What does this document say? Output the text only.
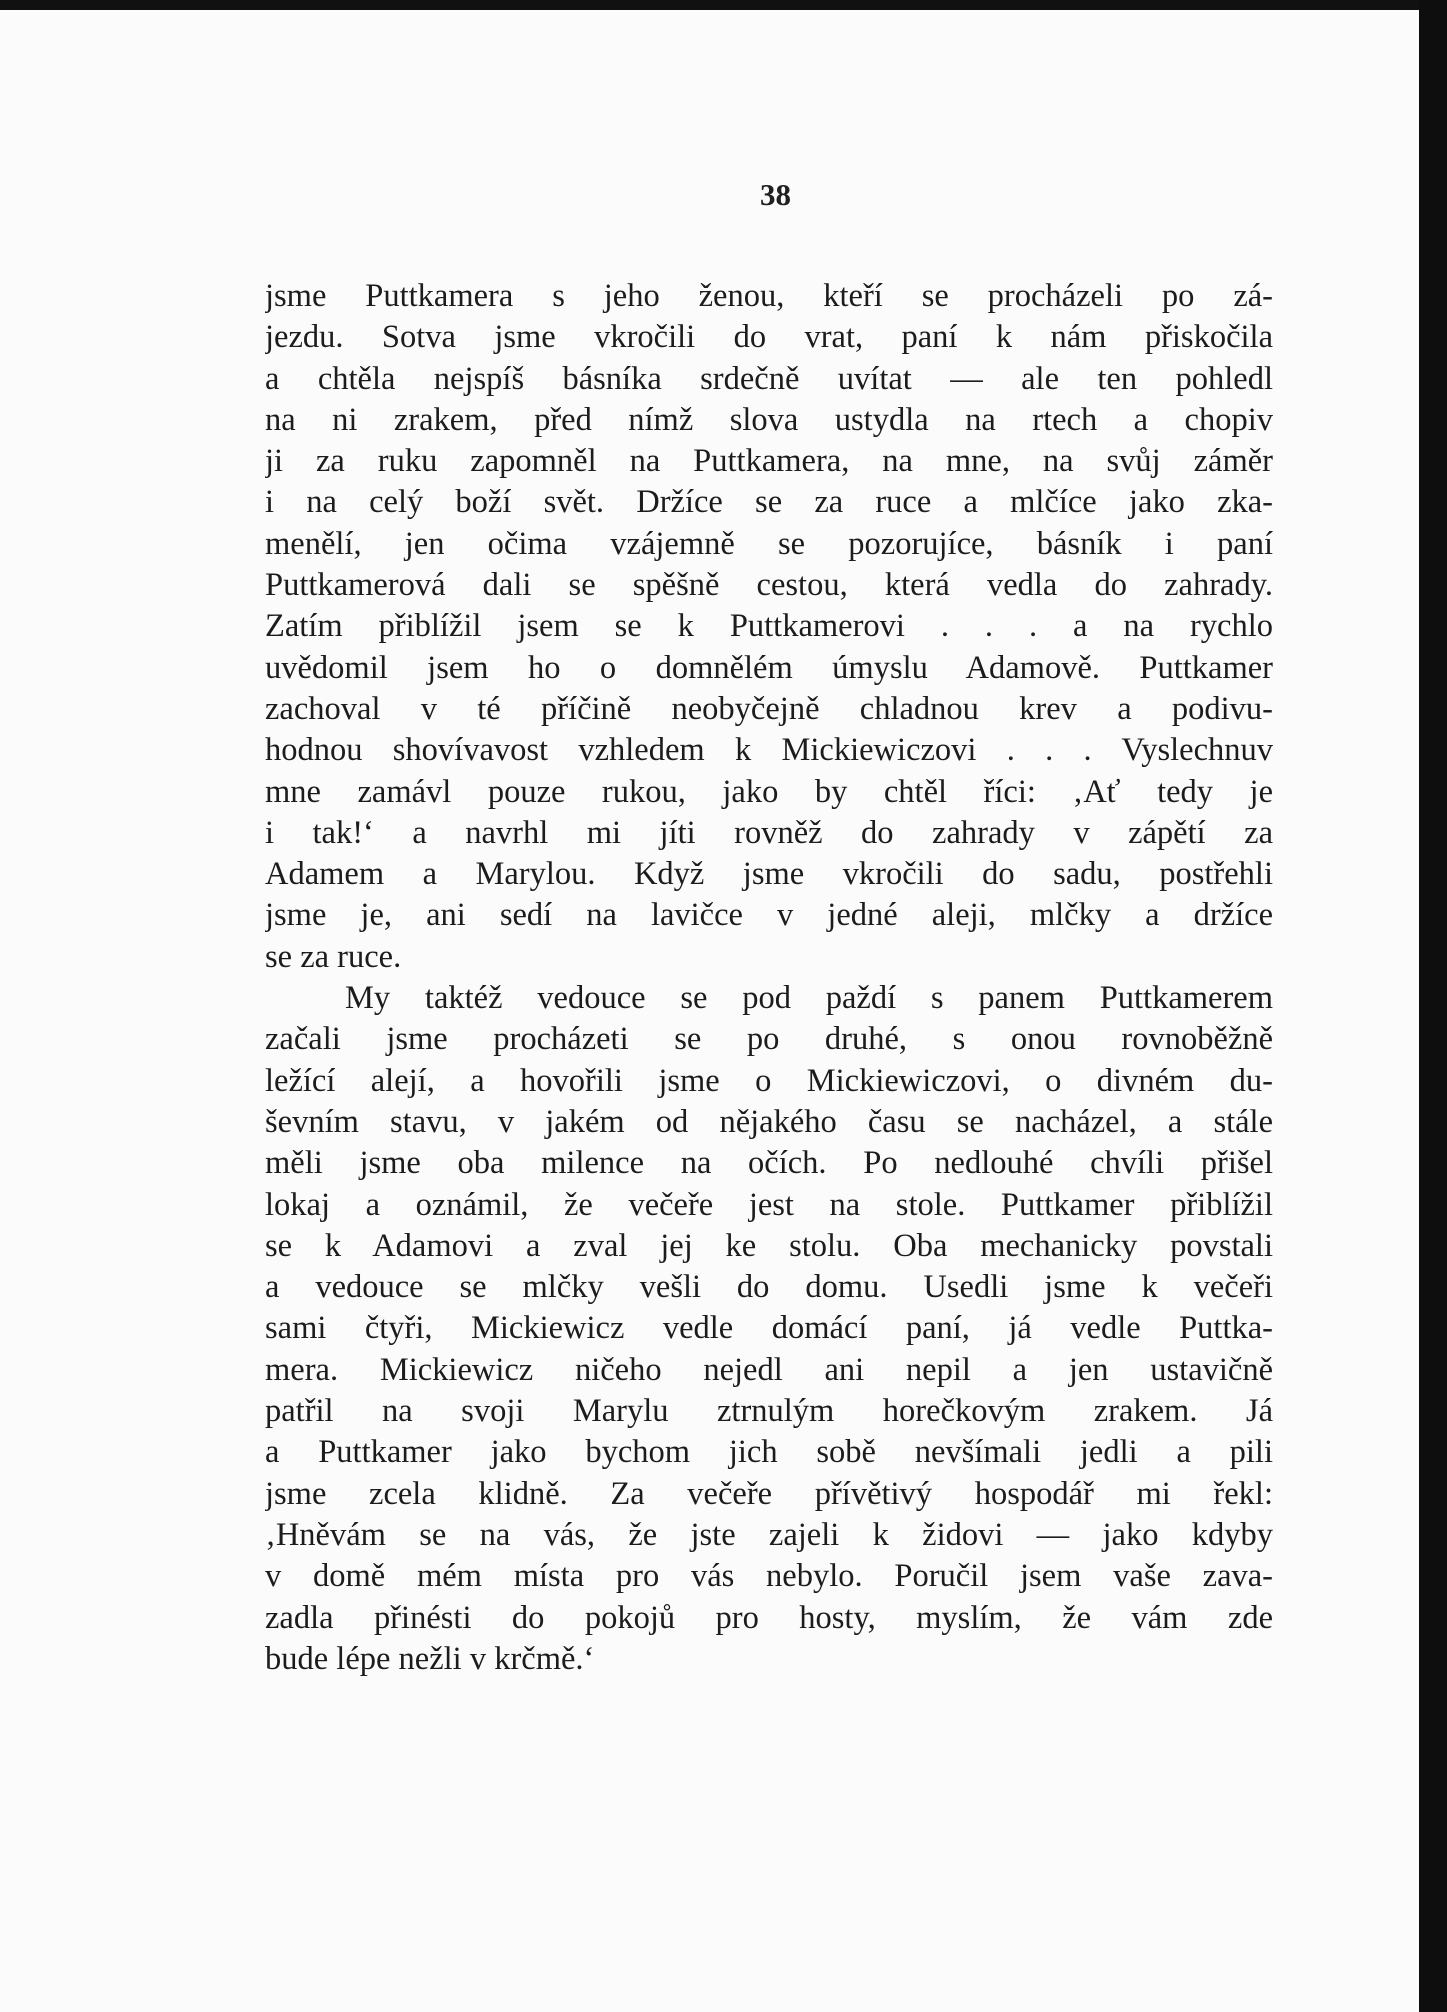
38
jsme Puttkamera s jeho ženou, kteří se procházeli po zá-
jezdu. Sotva jsme vkročili do vrat, paní k nám přiskočila
a chtěla nejspíš básníka srdečně uvítat — ale ten pohledl
na ni zrakem, před nímž slova ustydla na rtech a chopiv
ji za ruku zapomněl na Puttkamera, na mne, na svůj záměr
i na celý boží svět. Držíce se za ruce a mlčíce jako zka-
menělí, jen očima vzájemně se pozorujíce, básník i paní
Puttkamerová dali se spěšně cestou, která vedla do zahrady.
Zatím přiblížil jsem se k Puttkamerovi . . . a na rychlo
uvědomil jsem ho o domnělém úmyslu Adamově. Puttkamer
zachoval v té příčině neobyčejně chladnou krev a podivu-
hodnou shovívavost vzhledem k Mickiewiczovi . . . Vyslechnuv
mne zamávl pouze rukou, jako by chtěl říci: ‚Ať tedy je
i tak!‘ a navrhl mi jíti rovněž do zahrady v zápětí za
Adamem a Marylou. Když jsme vkročili do sadu, postřehli
jsme je, ani sedí na lavičce v jedné aleji, mlčky a držíce
se za ruce.
My taktéž vedouce se pod paždí s panem Puttkamerem
začali jsme procházeti se po druhé, s onou rovnoběžně
ležící alejí, a hovořili jsme o Mickiewiczovi, o divném du-
ševním stavu, v jakém od nějakého času se nacházel, a stále
měli jsme oba milence na očích. Po nedlouhé chvíli přišel
lokaj a oznámil, že večeře jest na stole. Puttkamer přiblížil
se k Adamovi a zval jej ke stolu. Oba mechanicky povstali
a vedouce se mlčky vešli do domu. Usedli jsme k večeři
sami čtyři, Mickiewicz vedle domácí paní, já vedle Puttka-
mera. Mickiewicz ničeho nejedl ani nepil a jen ustavičně
patřil na svoji Marylu ztrnulým horečkovým zrakem. Já
a Puttkamer jako bychom jich sobě nevšímali jedli a pili
jsme zcela klidně. Za večeře přívětivý hospodář mi řekl:
‚Hněvám se na vás, že jste zajeli k židovi — jako kdyby
v domě mém místa pro vás nebylo. Poručil jsem vaše zava-
zadla přinésti do pokojů pro hosty, myslím, že vám zde
bude lépe nežli v krčmě.‘
